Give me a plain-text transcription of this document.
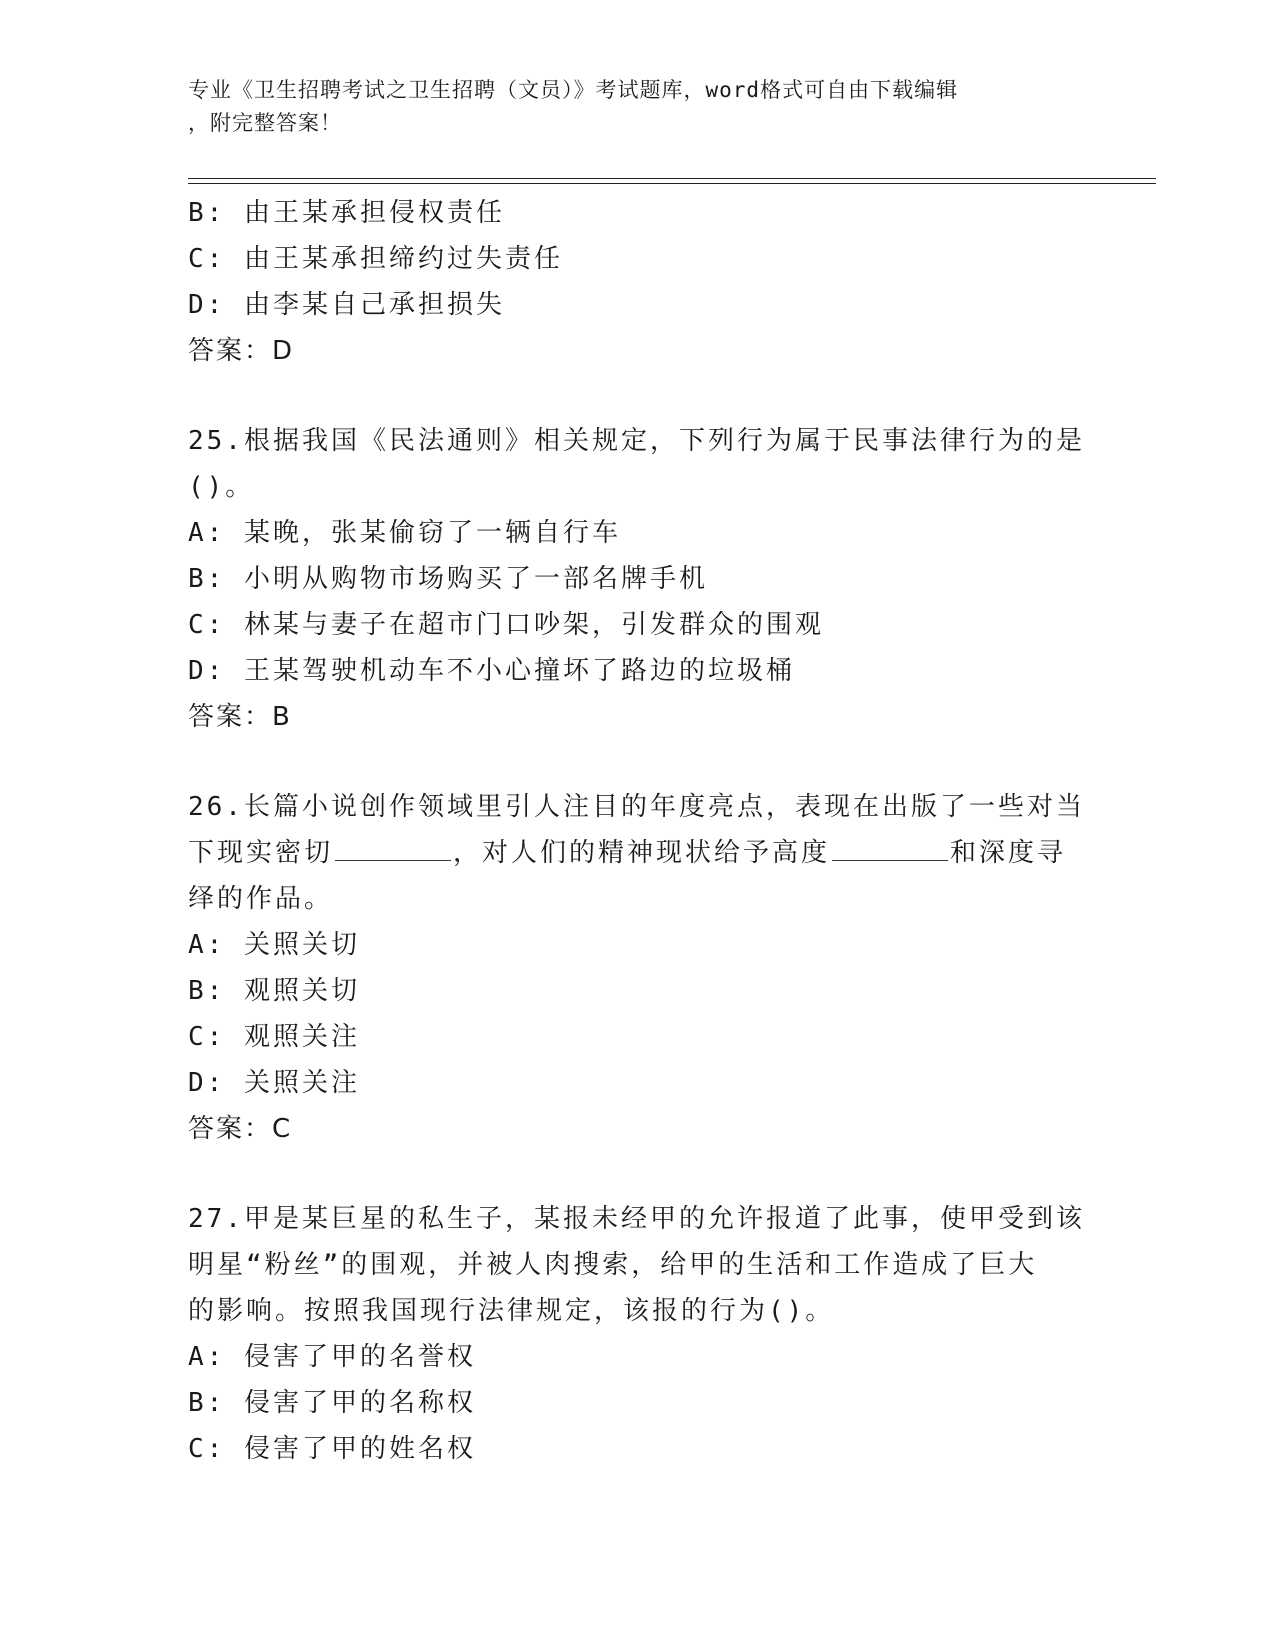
专业《卫生招聘考试之卫生招聘（文员）》考试题库，word格式可自由下载编辑
，附完整答案！
B: 由王某承担侵权责任
C: 由王某承担缔约过失责任
D: 由李某自己承担损失
答案：D
25.根据我国《民法通则》相关规定，下列行为属于民事法律行为的是
()。
A: 某晚，张某偷窃了一辆自行车
B: 小明从购物市场购买了一部名牌手机
C: 林某与妻子在超市门口吵架，引发群众的围观
D: 王某驾驶机动车不小心撞坏了路边的垃圾桶
答案：B
26.长篇小说创作领域里引人注目的年度亮点，表现在出版了一些对当
下现实密切	，对人们的精神现状给予高度	和深度寻
绎的作品。
A: 关照关切
B: 观照关切
C: 观照关注
D: 关照关注
答案：C
27.甲是某巨星的私生子，某报未经甲的允许报道了此事，使甲受到该
明星“粉丝”的围观，并被人肉搜索，给甲的生活和工作造成了巨大
的影响。按照我国现行法律规定，该报的行为()。
A: 侵害了甲的名誉权
B: 侵害了甲的名称权
C: 侵害了甲的姓名权
